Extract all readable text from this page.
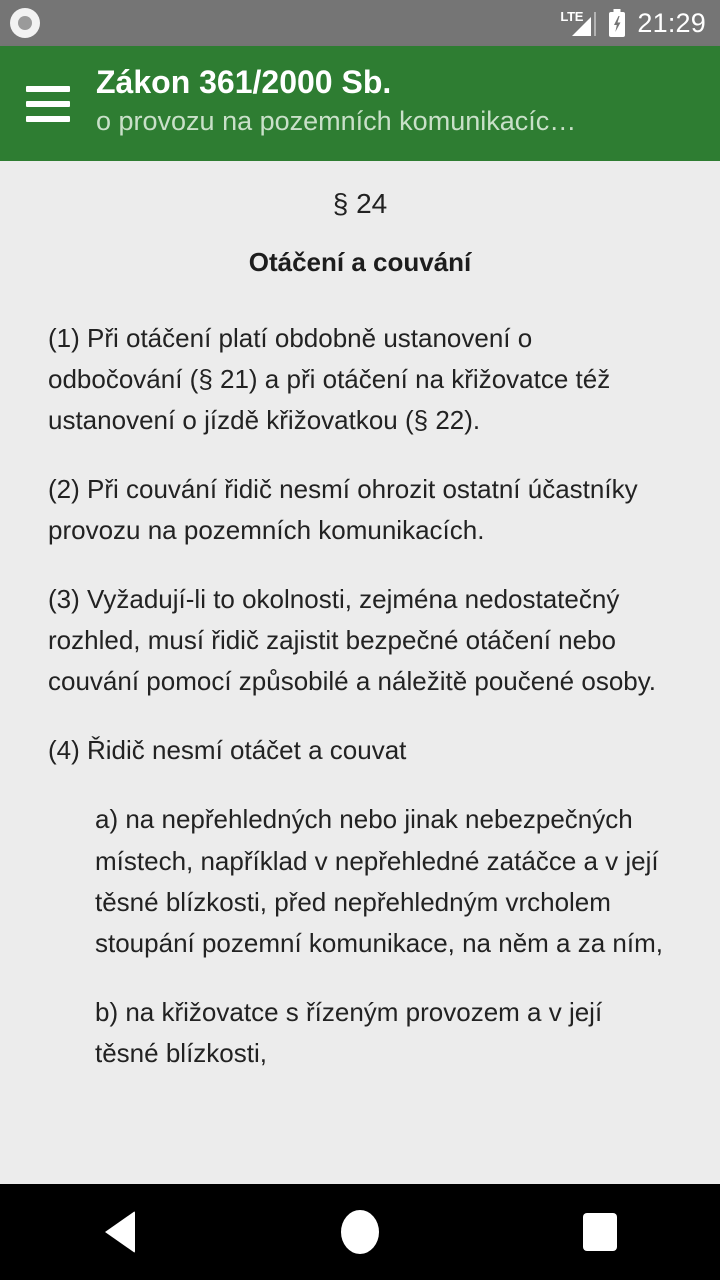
LTE 21:29
Zákon 361/2000 Sb.
o provozu na pozemních komunikacíc…
§ 24
Otáčení a couvání

(1) Při otáčení platí obdobně ustanovení o odbočování (§ 21) a při otáčení na křižovatce též ustanovení o jízdě křižovatkou (§ 22).

(2) Při couvání řidič nesmí ohrozit ostatní účastníky provozu na pozemních komunikacích.

(3) Vyžadují-li to okolnosti, zejména nedostatečný rozhled, musí řidič zajistit bezpečné otáčení nebo couvání pomocí způsobilé a náležitě poučené osoby.

(4) Řidič nesmí otáčet a couvat

a) na nepřehledných nebo jinak nebezpečných místech, například v nepřehledné zatáčce a v její těsné blízkosti, před nepřehledným vrcholem stoupání pozemní komunikace, na něm a za ním,

b) na křižovatce s řízeným provozem a v její těsné blízkosti,
